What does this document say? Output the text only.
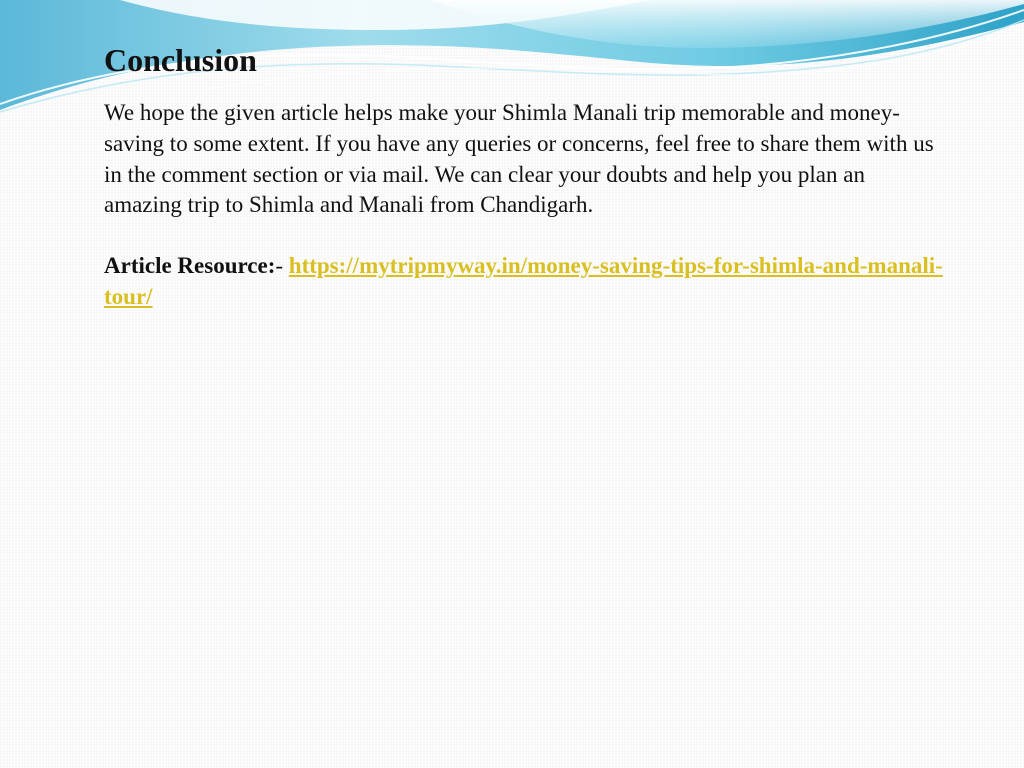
Conclusion

We hope the given article helps make your Shimla Manali trip memorable and money-saving to some extent. If you have any queries or concerns, feel free to share them with us in the comment section or via mail. We can clear your doubts and help you plan an amazing trip to Shimla and Manali from Chandigarh.

Article Resource:- https://mytripmyway.in/money-saving-tips-for-shimla-and-manali-tour/
